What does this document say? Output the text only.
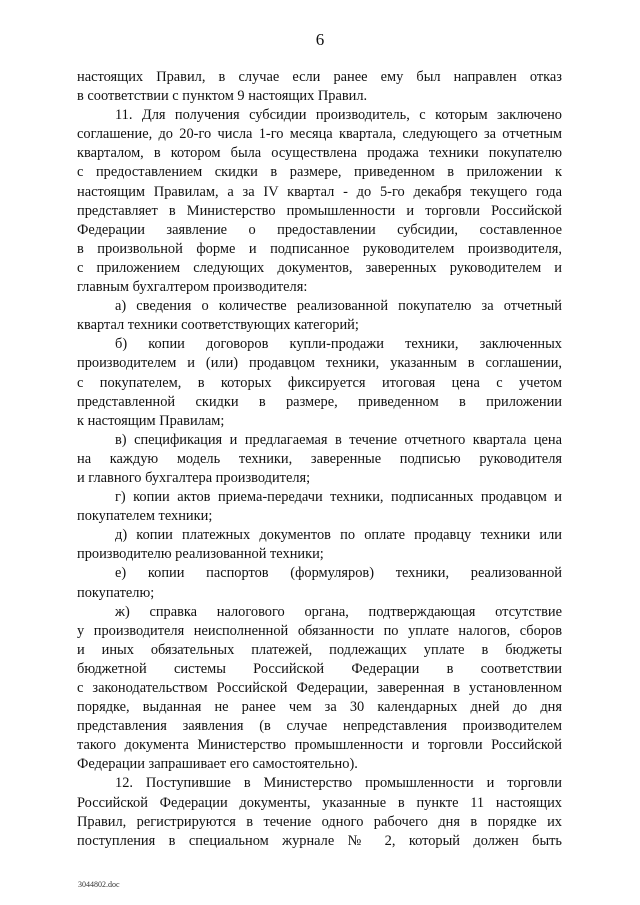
6

настоящих Правил, в случае если ранее ему был направлен отказ

в соответствии с пунктом 9 настоящих Правил.

11. Для получения субсидии производитель, с которым заключено

соглашение, до 20-го числа 1-го месяца квартала, следующего за отчетным

кварталом, в котором была осуществлена продажа техники покупателю

с предоставлением скидки в размере, приведенном в приложении к

настоящим Правилам, а за IV квартал - до 5-го декабря текущего года

представляет в Министерство промышленности и торговли Российской

Федерации заявление о предоставлении субсидии, составленное

в произвольной форме и подписанное руководителем производителя,

с приложением следующих документов, заверенных руководителем и

главным бухгалтером производителя:

а) сведения о количестве реализованной покупателю за отчетный

квартал техники соответствующих категорий;

б) копии договоров купли-продажи техники, заключенных

производителем и (или) продавцом техники, указанным в соглашении,

с покупателем, в которых фиксируется итоговая цена с учетом

представленной скидки в размере, приведенном в приложении

к настоящим Правилам;

в) спецификация и предлагаемая в течение отчетного квартала цена

на каждую модель техники, заверенные подписью руководителя

и главного бухгалтера производителя;

г) копии актов приема-передачи техники, подписанных продавцом и

покупателем техники;

д) копии платежных документов по оплате продавцу техники или

производителю реализованной техники;

е) копии паспортов (формуляров) техники, реализованной

покупателю;

ж) справка налогового органа, подтверждающая отсутствие

у производителя неисполненной обязанности по уплате налогов, сборов

и иных обязательных платежей, подлежащих уплате в бюджеты

бюджетной системы Российской Федерации в соответствии

с законодательством Российской Федерации, заверенная в установленном

порядке, выданная не ранее чем за 30 календарных дней до дня

представления заявления (в случае непредставления производителем

такого документа Министерство промышленности и торговли Российской

Федерации запрашивает его самостоятельно).

12. Поступившие в Министерство промышленности и торговли

Российской Федерации документы, указанные в пункте 11 настоящих

Правил, регистрируются в течение одного рабочего дня в порядке их

поступления в специальном журнале № 2, который должен быть

3044802.doc
